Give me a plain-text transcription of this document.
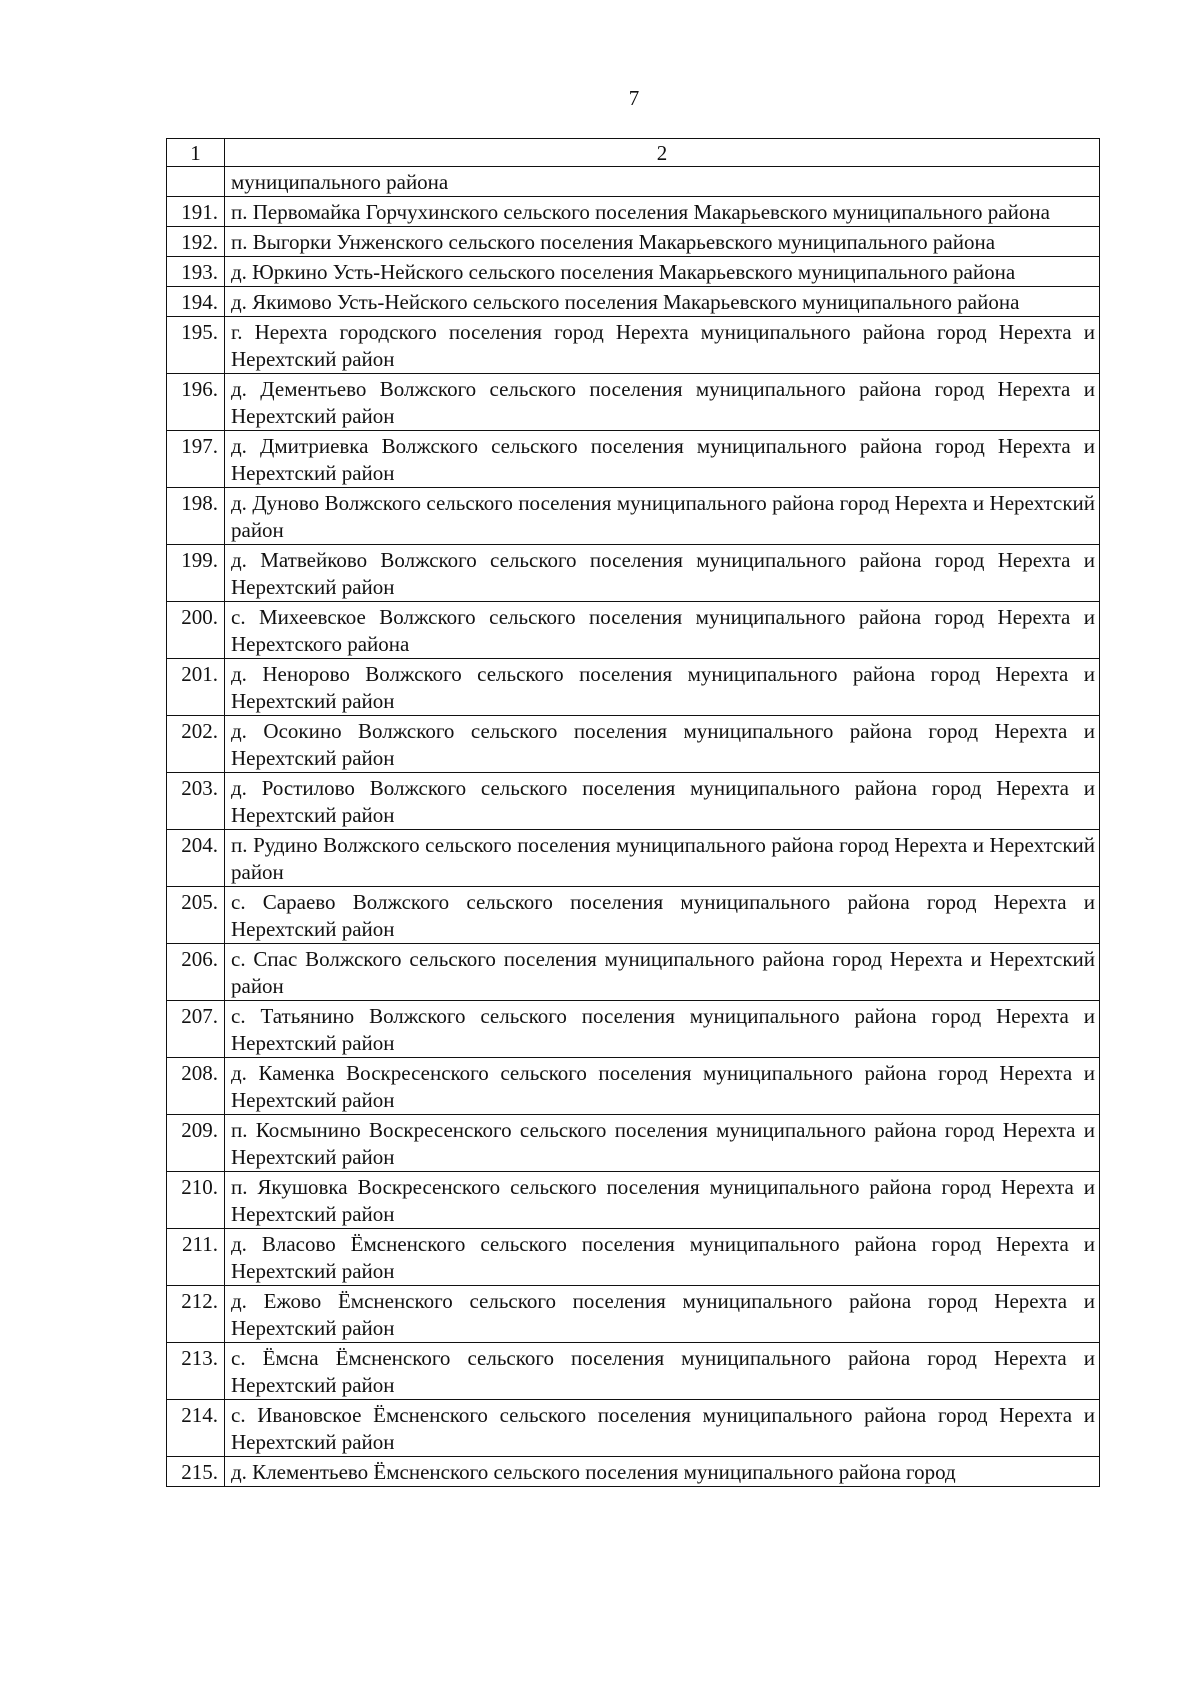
7
1	2

	муниципального района

191.	п. Первомайка Горчухинского сельского поселения Макарьевского муниципального района

192.	п. Выгорки Унженского сельского поселения Макарьевского муниципального района

193.	д. Юркино Усть-Нейского сельского поселения Макарьевского муниципального района

194.	д. Якимово Усть-Нейского сельского поселения Макарьевского муниципального района

195.	г. Нерехта городского поселения город Нерехта муниципального района город Нерехта и Нерехтский район

196.	д. Дементьево Волжского сельского поселения муниципального района город Нерехта и Нерехтский район

197.	д. Дмитриевка Волжского сельского поселения муниципального района город Нерехта и Нерехтский район

198.	д. Дуново Волжского сельского поселения муниципального района город Нерехта и Нерехтский район

199.	д. Матвейково Волжского сельского поселения муниципального района город Нерехта и Нерехтский район

200.	с. Михеевское Волжского сельского поселения муниципального района город Нерехта и Нерехтского района

201.	д. Неноpово Волжского сельского поселения муниципального района город Нерехта и Нерехтский район

202.	д. Осокино Волжского сельского поселения муниципального района город Нерехта и Нерехтский район

203.	д. Ростилово Волжского сельского поселения муниципального района город Нерехта и Нерехтский район

204.	п. Рудино Волжского сельского поселения муниципального района город Нерехта и Нерехтский район

205.	с. Сараево Волжского сельского поселения муниципального района город Нерехта и Нерехтский район

206.	с. Спас Волжского сельского поселения муниципального района город Нерехта и Нерехтский район

207.	с. Татьянино Волжского сельского поселения муниципального района город Нерехта и Нерехтский район

208.	д. Каменка Воскресенского сельского поселения муниципального района город Нерехта и Нерехтский район

209.	п. Космынино Воскресенского сельского поселения муниципального района город Нерехта и Нерехтский район

210.	п. Якушовка Воскресенского сельского поселения муниципального района город Нерехта и Нерехтский район

211.	д. Власово Ёмсненского сельского поселения муниципального района город Нерехта и Нерехтский район

212.	д. Ежово Ёмсненского сельского поселения муниципального района город Нерехта и Нерехтский район

213.	с. Ёмсна Ёмсненского сельского поселения муниципального района город Нерехта и Нерехтский район

214.	с. Ивановское Ёмсненского сельского поселения муниципального района город Нерехта и Нерехтский район

215.	д. Клементьево Ёмсненского сельского поселения муниципального района город
